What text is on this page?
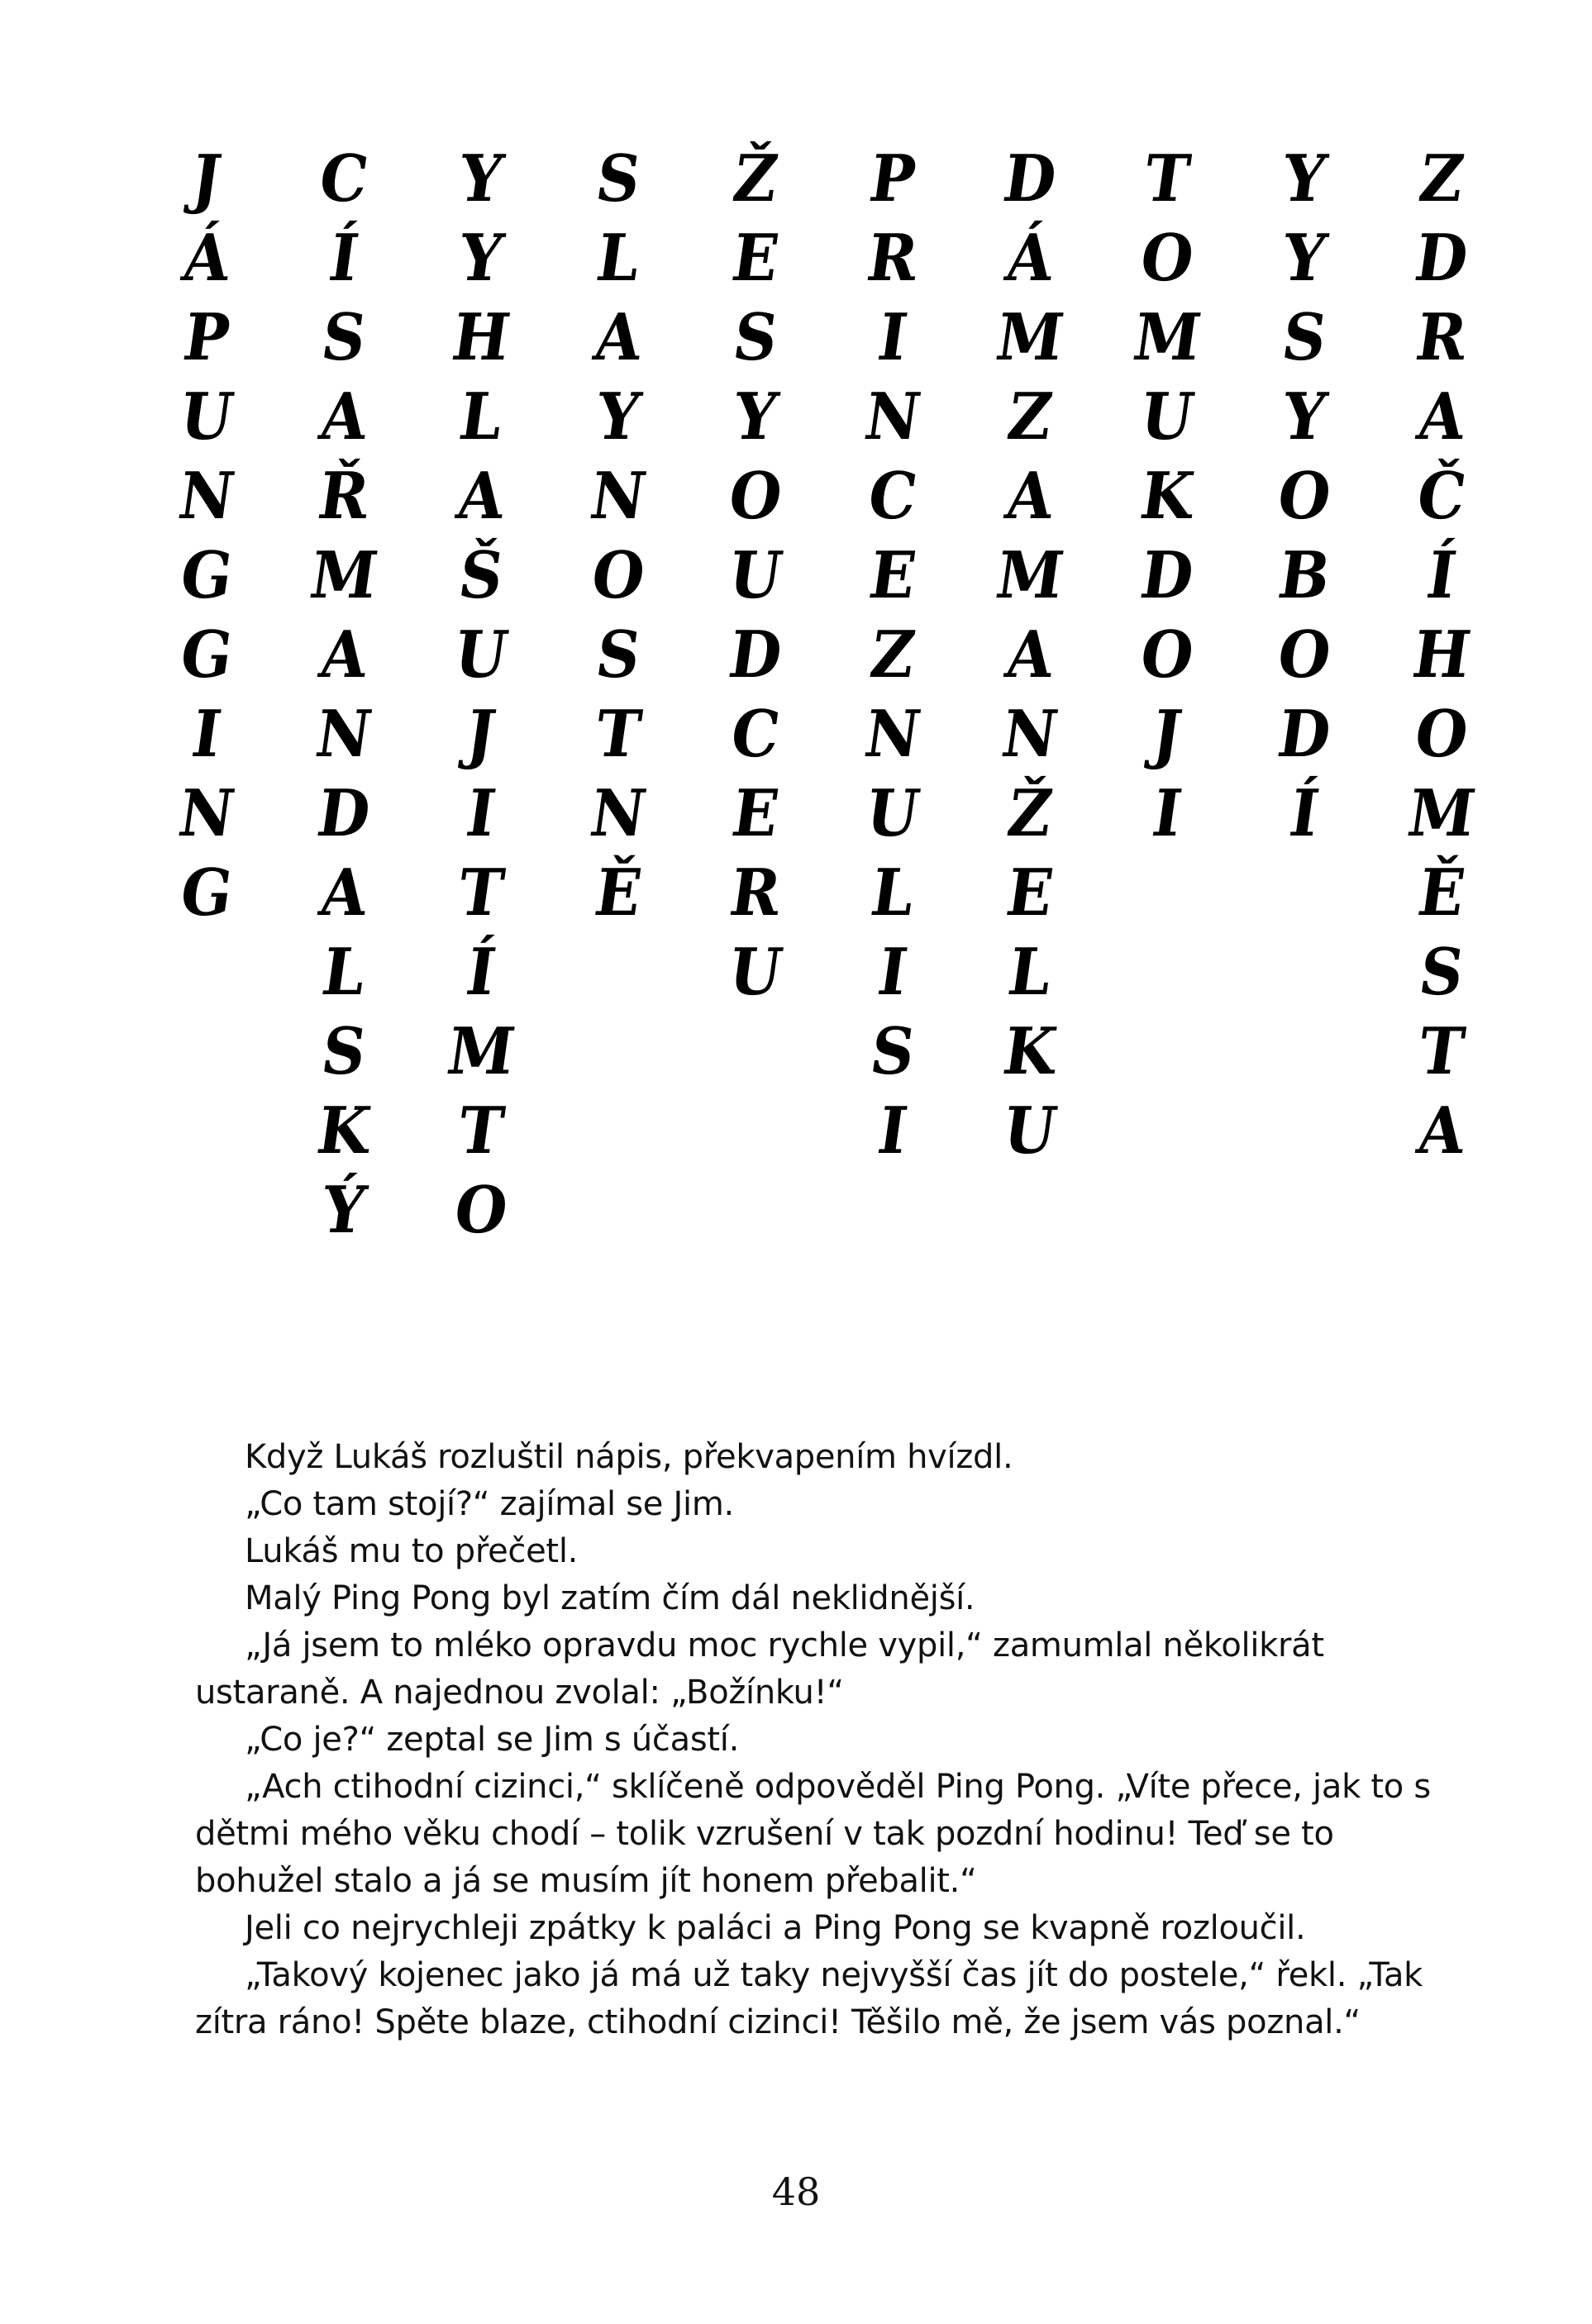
J
Á
P
U
N
G
G
I
N
G
C
Í
S
A
Ř
M
A
N
D
A
L
S
K
Ý
Y
Y
H
L
A
Š
U
J
I
T
Í
M
T
O
S
L
A
Y
N
O
S
T
N
Ě
Ž
E
S
Y
O
U
D
C
E
R
U
P
R
I
N
C
E
Z
N
U
L
I
S
I
D
Á
M
Z
A
M
A
N
Ž
E
L
K
U
T
O
M
U
K
D
O
J
I
Y
Y
S
Y
O
B
O
D
Í
Z
D
R
A
Č
Í
H
O
M
Ě
S
T
A

Když Lukáš rozluštil nápis, překvapením hvízdl.

„Co tam stojí?“ zajímal se Jim.

Lukáš mu to přečetl.

Malý Ping Pong byl zatím čím dál neklidnější.

„Já jsem to mléko opravdu moc rychle vypil,“ zamumlal několikrát ustaraně. A najednou zvolal: „Božínku!“

„Co je?“ zeptal se Jim s účastí.

„Ach ctihodní cizinci,“ sklíčeně odpověděl Ping Pong. „Víte přece, jak to s dětmi mého věku chodí – tolik vzrušení v tak pozdní hodinu! Teď se to bohužel stalo a já se musím jít honem přebalit.“

Jeli co nejrychleji zpátky k paláci a Ping Pong se kvapně rozloučil.

„Takový kojenec jako já má už taky nejvyšší čas jít do postele,“ řekl. „Tak zítra ráno! Spěte blaze, ctihodní cizinci! Těšilo mě, že jsem vás poznal.“

48
